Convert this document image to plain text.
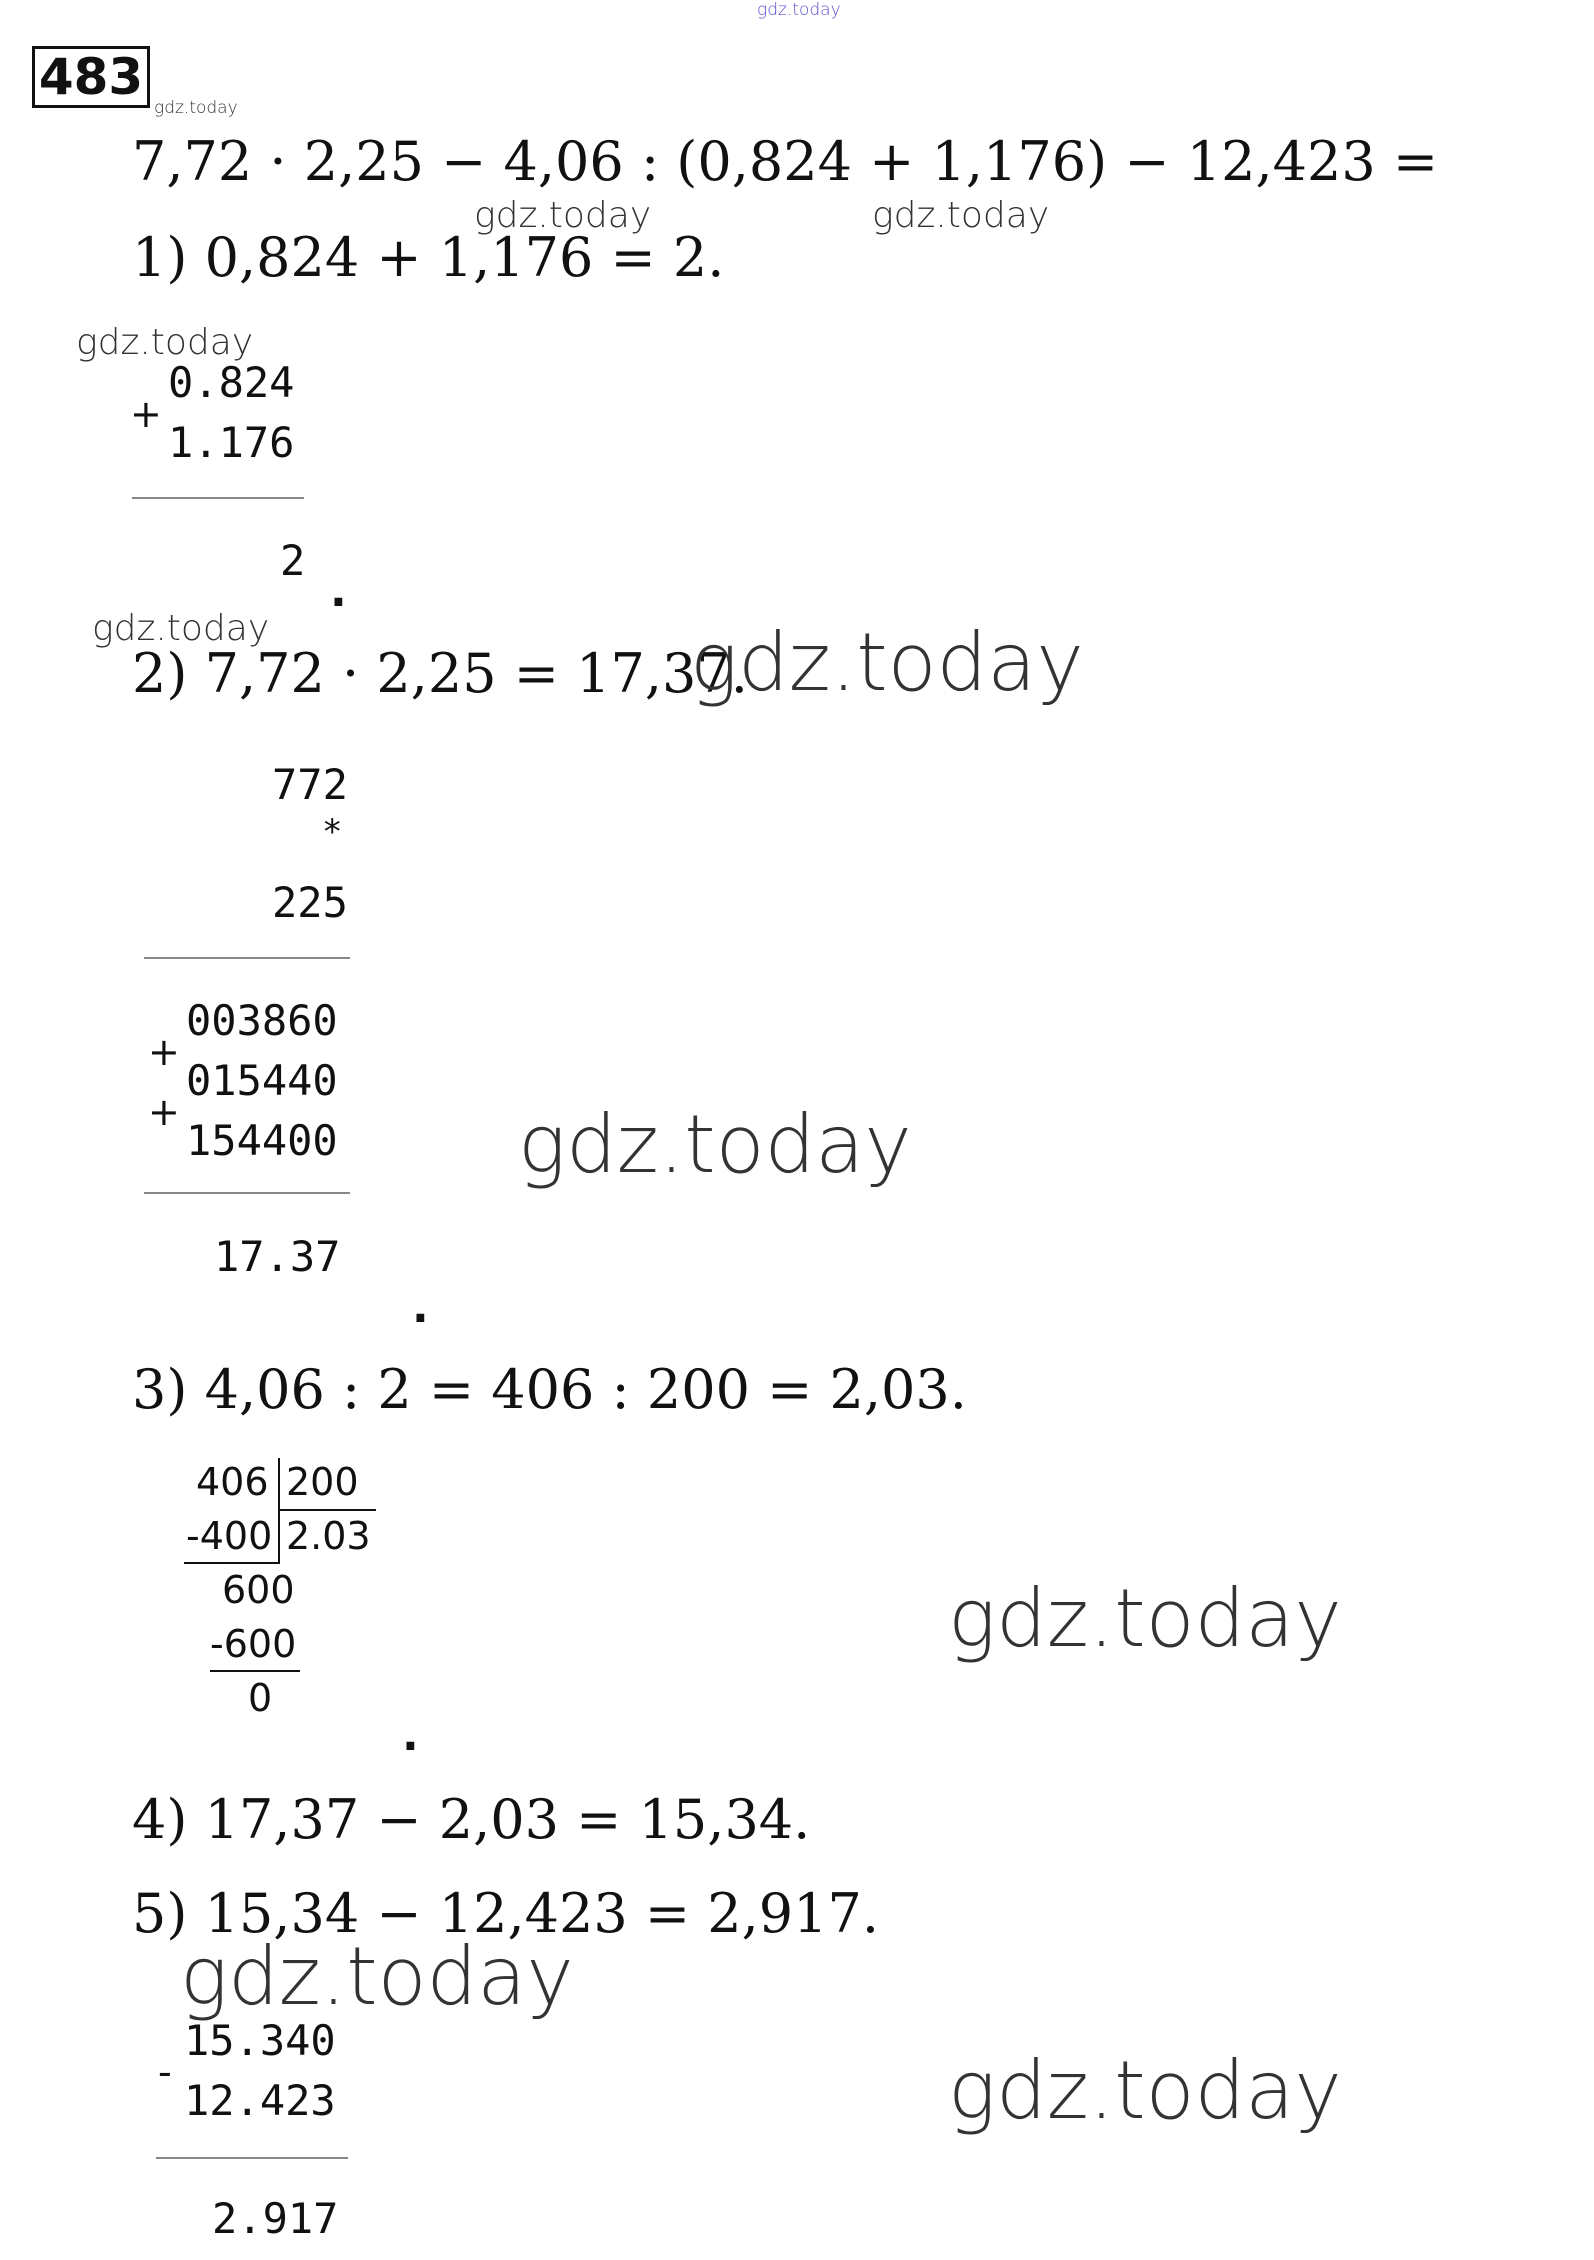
gdz.today
483
gdz.today
7,72 · 2,25 − 4,06 : (0,824 + 1,176) − 12,423 =
gdz.today	gdz.today
1) 0,824 + 1,176 = 2.
gdz.today
0.824
+
1.176
2
.
gdz.today
2) 7,72 · 2,25 = 17,37.
gdz.today
772
*
225
003860
+
015440
+
154400
17.37
.
gdz.today
3) 4,06 : 2 = 406 : 200 = 2,03.
406 200
-400 2.03
600
-600
0
.
gdz.today
4) 17,37 − 2,03 = 15,34.
5) 15,34 − 12,423 = 2,917.
gdz.today
15.340
-
12.423
2.917
gdz.today
